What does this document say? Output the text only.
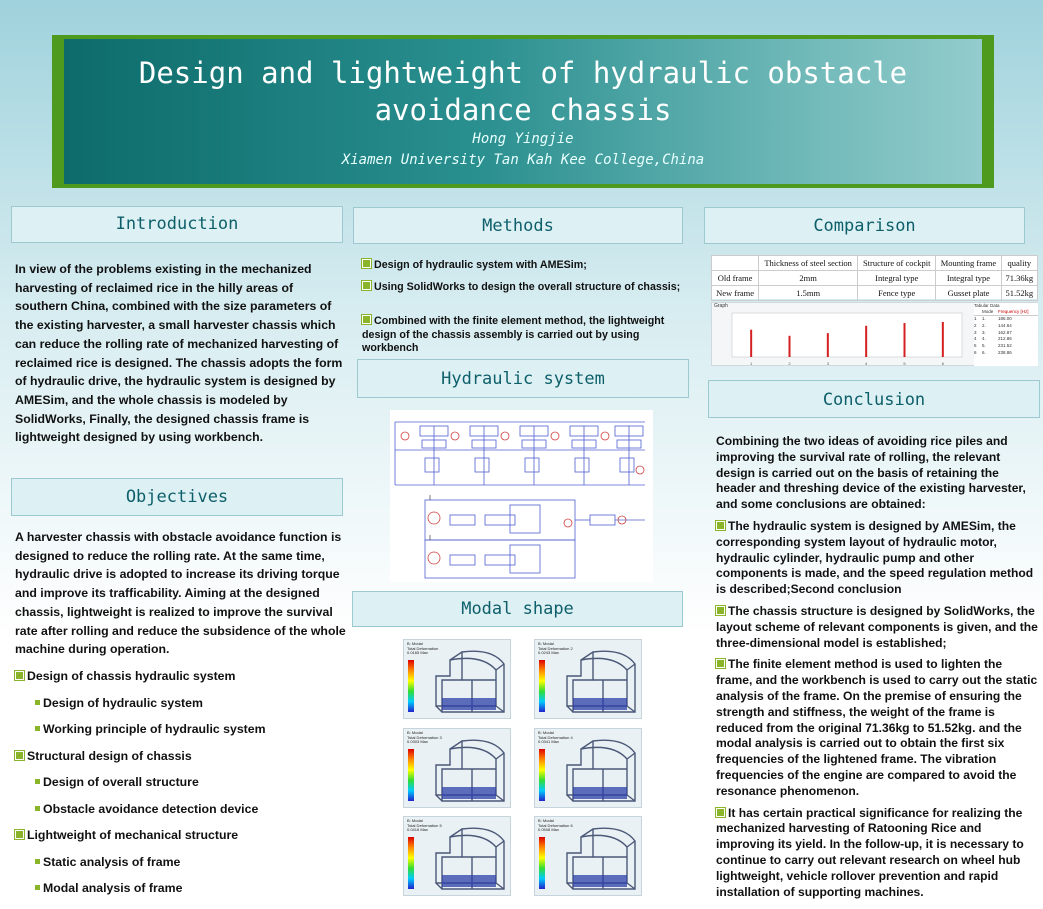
Design and lightweight of hydraulic obstacle avoidance chassis
Hong Yingjie
Xiamen University Tan Kah Kee College,China
Introduction
In view of the problems existing in the mechanized harvesting of reclaimed rice in the hilly areas of southern China, combined with the size parameters of the existing harvester, a small harvester chassis which can reduce the rolling rate of mechanized harvesting of reclaimed rice is designed. The chassis adopts the form of hydraulic drive, the hydraulic system is designed by AMESim, and the whole chassis is modeled by SolidWorks, Finally, the designed chassis frame is lightweight designed by using workbench.
Objectives
A harvester chassis with obstacle avoidance function is designed to reduce the rolling rate. At the same time, hydraulic drive is adopted to increase its driving torque and improve its trafficability. Aiming at the designed chassis, lightweight is realized to improve the survival rate after rolling and reduce the subsidence of the whole machine during operation.
Design of chassis hydraulic system
Design of hydraulic system
Working principle of hydraulic system
Structural design of chassis
Design of overall structure
Obstacle avoidance detection device
Lightweight of mechanical structure
Static analysis of frame
Modal analysis of frame
Methods
Design of hydraulic system with AMESim;
Using SolidWorks to design the overall structure of chassis;
Combined with the finite element method, the lightweight design of the chassis assembly is carried out by using workbench
Hydraulic system
Modal shape
B: Modal
Total Deformation
0.0165 Max
B: Modal
Total Deformation 2
0.0243 Max
B: Modal
Total Deformation 3
0.0303 Max
B: Modal
Total Deformation 4
0.0341 Max
B: Modal
Total Deformation 5
0.0416 Max
B: Modal
Total Deformation 6
0.0508 Max
Comparison
	Thickness of steel section	Structure of cockpit	Mounting frame	quality
Old frame	2mm	Integral type	Integral type	71.36kg
New frame	1.5mm	Fence type	Gusset plate	51.52kg
Graph
1	2	3	4	5	6
Tabular Data
Mode	Frequency [Hz]
1	1.	186.00
2	2.	144.64
3	3.	162.87
4	4.	212.86
5	5.	231.52
6	6.	238.86
Conclusion
Combining the two ideas of avoiding rice piles and improving the survival rate of rolling, the relevant design is carried out on the basis of retaining the header and threshing device of the existing harvester, and some conclusions are obtained:
The hydraulic system is designed by AMESim, the corresponding system layout of hydraulic motor, hydraulic cylinder, hydraulic pump and other components is made, and the speed regulation method is described;Second conclusion
The chassis structure is designed by SolidWorks, the layout scheme of relevant components is given, and the three-dimensional model is established;
The finite element method is used to lighten the frame, and the workbench is used to carry out the static analysis of the frame. On the premise of ensuring the strength and stiffness, the weight of the frame is reduced from the original 71.36kg to 51.52kg. and the modal analysis is carried out to obtain the first six frequencies of the lightened frame. The vibration frequencies of the engine are compared to avoid the resonance phenomenon.
It has certain practical significance for realizing the mechanized harvesting of Ratooning Rice and improving its yield. In the follow-up, it is necessary to continue to carry out relevant research on wheel hub lightweight, vehicle rollover prevention and rapid installation of supporting machines.
